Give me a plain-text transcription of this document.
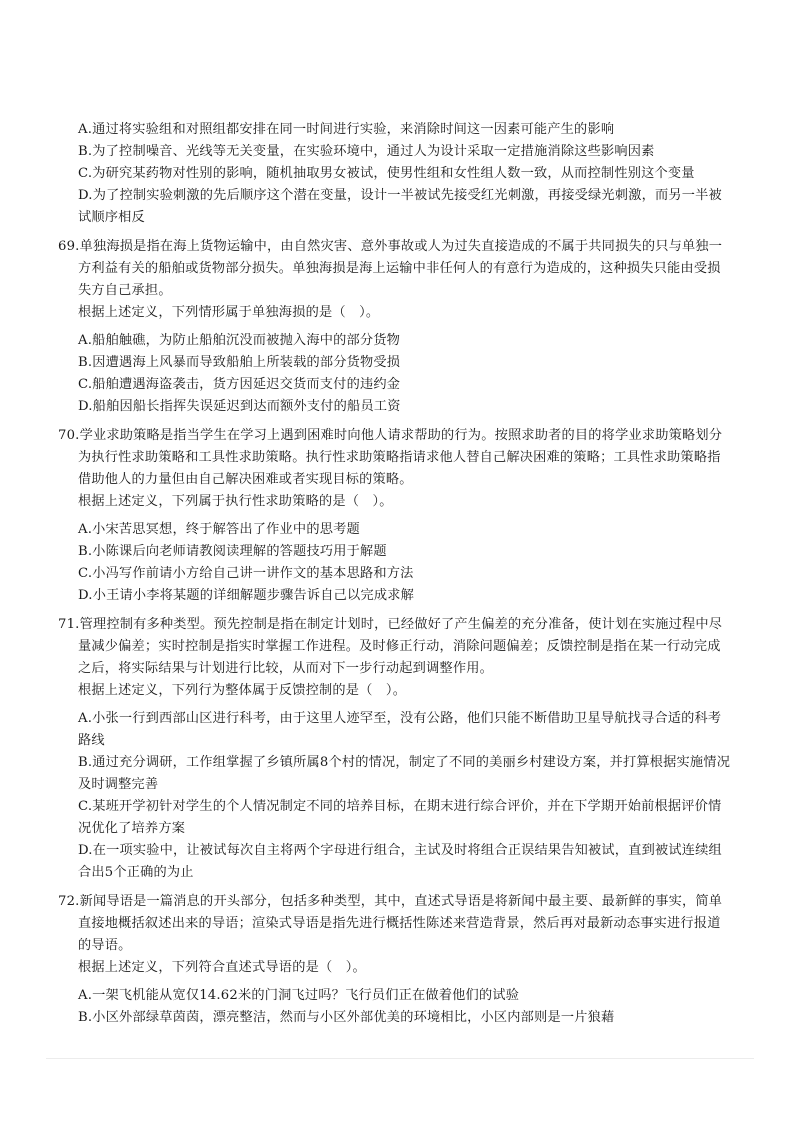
A.通过将实验组和对照组都安排在同一时间进行实验，来消除时间这一因素可能产生的影响
B.为了控制噪音、光线等无关变量，在实验环境中，通过人为设计采取一定措施消除这些影响因素
C.为研究某药物对性别的影响，随机抽取男女被试，使男性组和女性组人数一致，从而控制性别这个变量
D.为了控制实验刺激的先后顺序这个潜在变量，设计一半被试先接受红光刺激，再接受绿光刺激，而另一半被
试顺序相反
69.单独海损是指在海上货物运输中，由自然灾害、意外事故或人为过失直接造成的不属于共同损失的只与单独一
方利益有关的船舶或货物部分损失。单独海损是海上运输中非任何人的有意行为造成的，这种损失只能由受损
失方自己承担。
根据上述定义，下列情形属于单独海损的是（　）。
A.船舶触礁，为防止船舶沉没而被抛入海中的部分货物
B.因遭遇海上风暴而导致船舶上所装载的部分货物受损
C.船舶遭遇海盗袭击，货方因延迟交货而支付的违约金
D.船舶因船长指挥失误延迟到达而额外支付的船员工资
70.学业求助策略是指当学生在学习上遇到困难时向他人请求帮助的行为。按照求助者的目的将学业求助策略划分
为执行性求助策略和工具性求助策略。执行性求助策略指请求他人替自己解决困难的策略；工具性求助策略指
借助他人的力量但由自己解决困难或者实现目标的策略。
根据上述定义，下列属于执行性求助策略的是（　）。
A.小宋苦思冥想，终于解答出了作业中的思考题
B.小陈课后向老师请教阅读理解的答题技巧用于解题
C.小冯写作前请小方给自己讲一讲作文的基本思路和方法
D.小王请小李将某题的详细解题步骤告诉自己以完成求解
71.管理控制有多种类型。预先控制是指在制定计划时，已经做好了产生偏差的充分准备，使计划在实施过程中尽
量减少偏差；实时控制是指实时掌握工作进程。及时修正行动，消除问题偏差；反馈控制是指在某一行动完成
之后，将实际结果与计划进行比较，从而对下一步行动起到调整作用。
根据上述定义，下列行为整体属于反馈控制的是（　）。
A.小张一行到西部山区进行科考，由于这里人迹罕至，没有公路，他们只能不断借助卫星导航找寻合适的科考
路线
B.通过充分调研，工作组掌握了乡镇所属8个村的情况，制定了不同的美丽乡村建设方案，并打算根据实施情况
及时调整完善
C.某班开学初针对学生的个人情况制定不同的培养目标，在期末进行综合评价，并在下学期开始前根据评价情
况优化了培养方案
D.在一项实验中，让被试每次自主将两个字母进行组合，主试及时将组合正误结果告知被试，直到被试连续组
合出5个正确的为止
72.新闻导语是一篇消息的开头部分，包括多种类型，其中，直述式导语是将新闻中最主要、最新鲜的事实，简单
直接地概括叙述出来的导语；渲染式导语是指先进行概括性陈述来营造背景，然后再对最新动态事实进行报道
的导语。
根据上述定义，下列符合直述式导语的是（　）。
A.一架飞机能从宽仅14.62米的门洞飞过吗？飞行员们正在做着他们的试验
B.小区外部绿草茵茵，漂亮整洁，然而与小区外部优美的环境相比，小区内部则是一片狼藉
